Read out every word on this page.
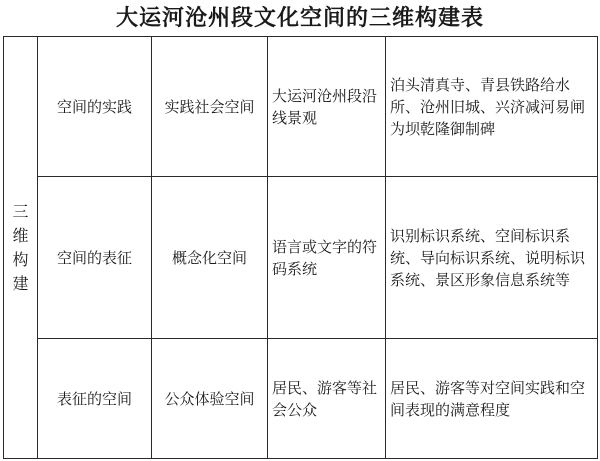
大运河沧州段文化空间的三维构建表
三维构建	空间的实践	实践社会空间	大运河沧州段沿线景观	泊头清真寺、青县铁路给水所、沧州旧城、兴济减河易闸为坝乾隆御制碑

	空间的表征	概念化空间	语言或文字的符码系统	识别标识系统、空间标识系统、导向标识系统、说明标识系统、景区形象信息系统等

	表征的空间	公众体验空间	居民、游客等社会公众	居民、游客等对空间实践和空间表现的满意程度
